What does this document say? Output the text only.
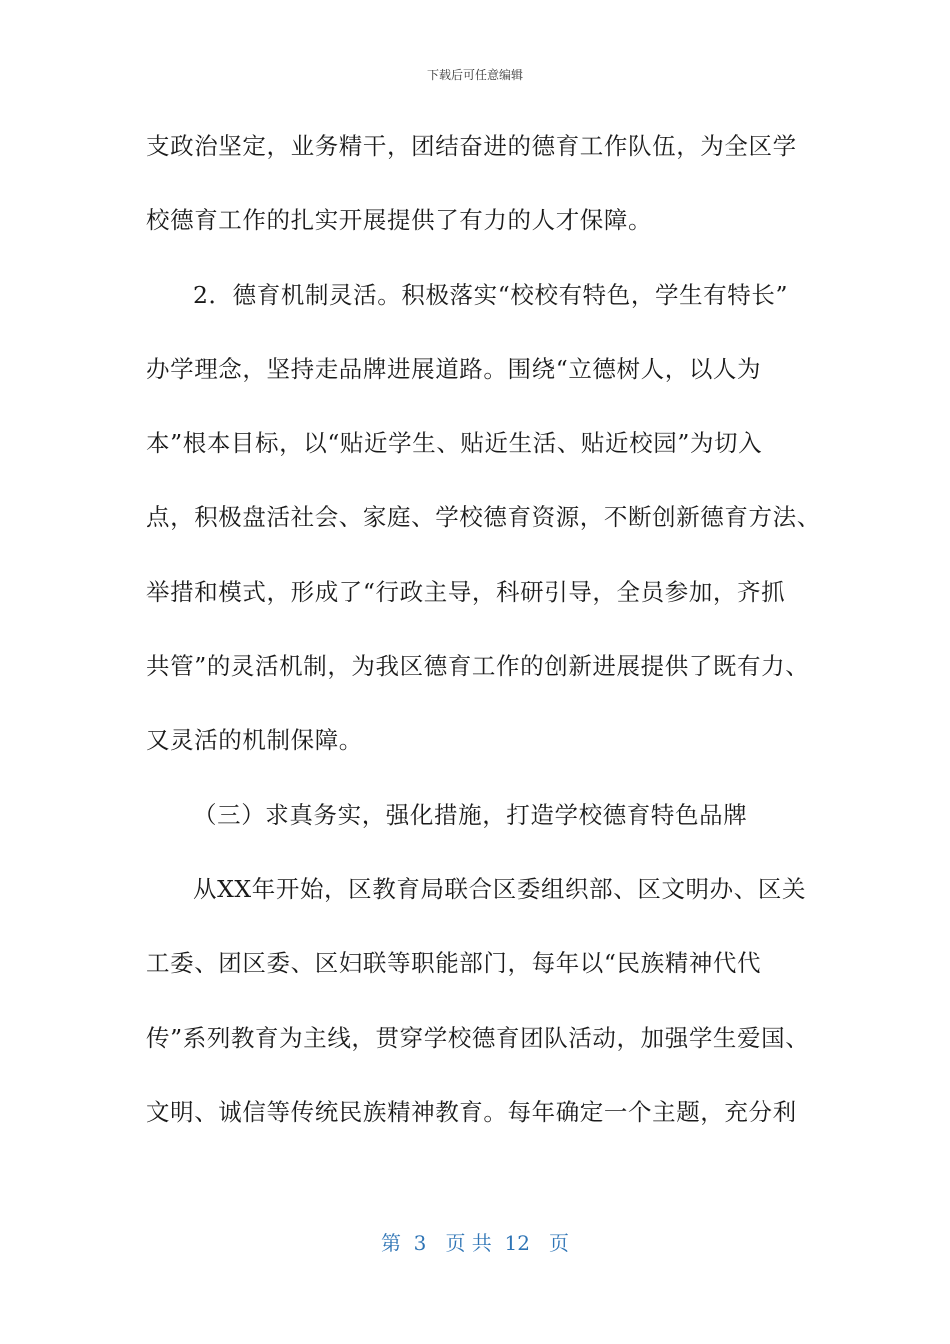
下载后可任意编辑
支政治坚定，业务精干，团结奋进的德育工作队伍，为全区学
校德育工作的扎实开展提供了有力的人才保障。
2．德育机制灵活。积极落实“校校有特色，学生有特长”
办学理念，坚持走品牌进展道路。围绕“立德树人，以人为
本”根本目标，以“贴近学生、贴近生活、贴近校园”为切入
点，积极盘活社会、家庭、学校德育资源，不断创新德育方法、
举措和模式，形成了“行政主导，科研引导，全员参加，齐抓
共管”的灵活机制，为我区德育工作的创新进展提供了既有力、
又灵活的机制保障。
（三）求真务实，强化措施，打造学校德育特色品牌
从XX年开始，区教育局联合区委组织部、区文明办、区关
工委、团区委、区妇联等职能部门，每年以“民族精神代代
传”系列教育为主线，贯穿学校德育团队活动，加强学生爱国、
文明、诚信等传统民族精神教育。每年确定一个主题，充分利
第  3   页 共  12   页
